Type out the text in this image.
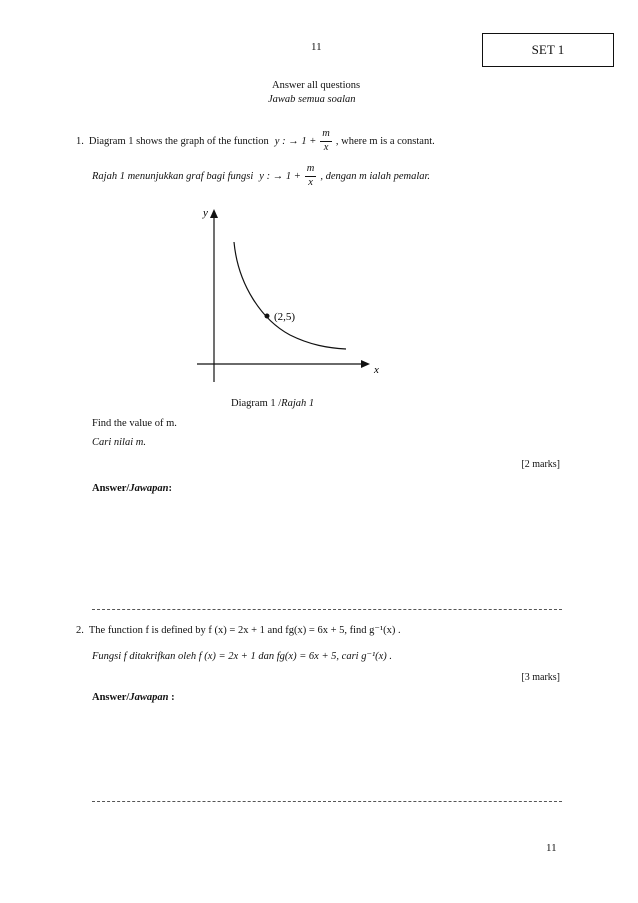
11	SET 1
Answer all questions
Jawab semua soalan
1. Diagram 1 shows the graph of the function y : → $1 + \frac{m}{x}$ , where m is a constant.
Rajah 1 menunjukkan graf bagi fungsi y : → $1 + \frac{m}{x}$ , dengan m ialah pemalar.
y
x
(2,5)
Diagram 1 /Rajah 1
Find the value of m.
Cari nilai m.
[2 marks]
Answer/Jawapan:
2. The function f is defined by f (x) = 2x + 1 and fg(x) = 6x + 5, find g⁻¹(x) .
Fungsi f ditakrifkan oleh f (x) = 2x + 1 dan fg(x) = 6x + 5, cari g⁻¹(x) .
[3 marks]
Answer/Jawapan :
11
